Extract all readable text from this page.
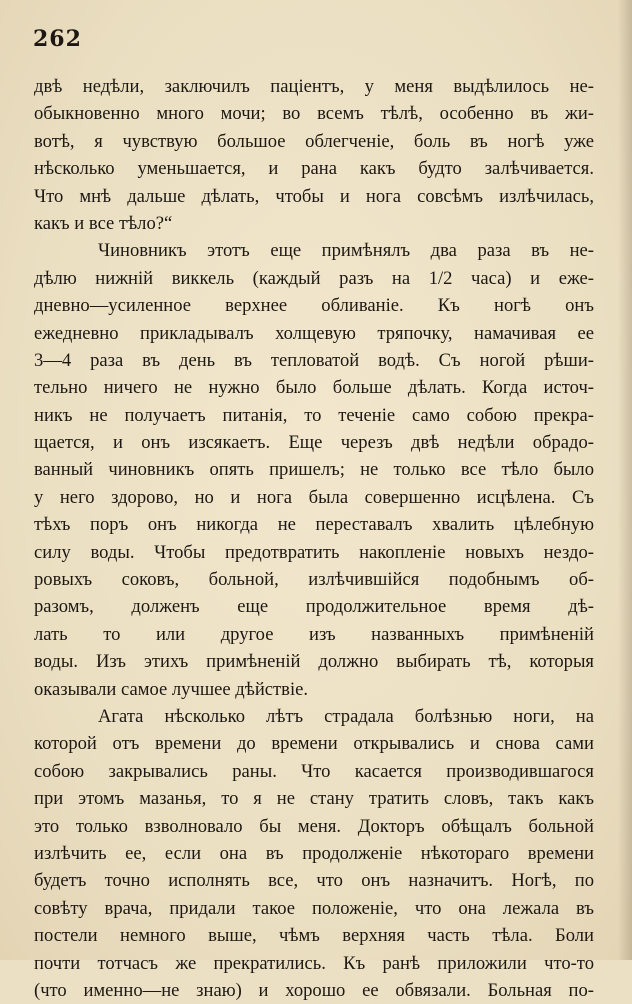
262
двѣ недѣли, заключилъ паціентъ, у меня выдѣлилось не-
обыкновенно много мочи; во всемъ тѣлѣ, особенно въ жи-
вотѣ, я чувствую большое облегченіе, боль въ ногѣ уже
нѣсколько уменьшается, и рана какъ будто залѣчивается.
Что мнѣ дальше дѣлать, чтобы и нога совсѣмъ излѣчилась,
какъ и все тѣло?“
Чиновникъ этотъ еще примѣнялъ два раза въ не-
дѣлю нижній виккель (каждый разъ на 1/2 часа) и еже-
дневно—усиленное верхнее обливаніе. Къ ногѣ онъ
ежедневно прикладывалъ холщевую тряпочку, намачивая ее
3—4 раза въ день въ тепловатой водѣ. Съ ногой рѣши-
тельно ничего не нужно было больше дѣлать. Когда источ-
никъ не получаетъ питанія, то теченіе само собою прекра-
щается, и онъ изсякаетъ. Еще черезъ двѣ недѣли обрадо-
ванный чиновникъ опять пришелъ; не только все тѣло было
у него здорово, но и нога была совершенно исцѣлена. Съ
тѣхъ поръ онъ никогда не переставалъ хвалить цѣлебную
силу воды. Чтобы предотвратить накопленіе новыхъ нездо-
ровыхъ соковъ, больной, излѣчившійся подобнымъ об-
разомъ, долженъ еще продолжительное время дѣ-
лать то или другое изъ названныхъ примѣненій
воды. Изъ этихъ примѣненій должно выбирать тѣ, которыя
оказывали самое лучшее дѣйствіе.
Агата нѣсколько лѣтъ страдала болѣзнью ноги, на
которой отъ времени до времени открывались и снова сами
собою закрывались раны. Что касается производившагося
при этомъ мазанья, то я не стану тратить словъ, такъ какъ
это только взволновало бы меня. Докторъ обѣщалъ больной
излѣчить ее, если она въ продолженіе нѣкотораго времени
будетъ точно исполнять все, что онъ назначитъ. Ногѣ, по
совѣту врача, придали такое положеніе, что она лежала въ
постели немного выше, чѣмъ верхняя часть тѣла. Боли
почти тотчасъ же прекратились. Къ ранѣ приложили что-то
(что именно—не знаю) и хорошо ее обвязали. Больная по-
